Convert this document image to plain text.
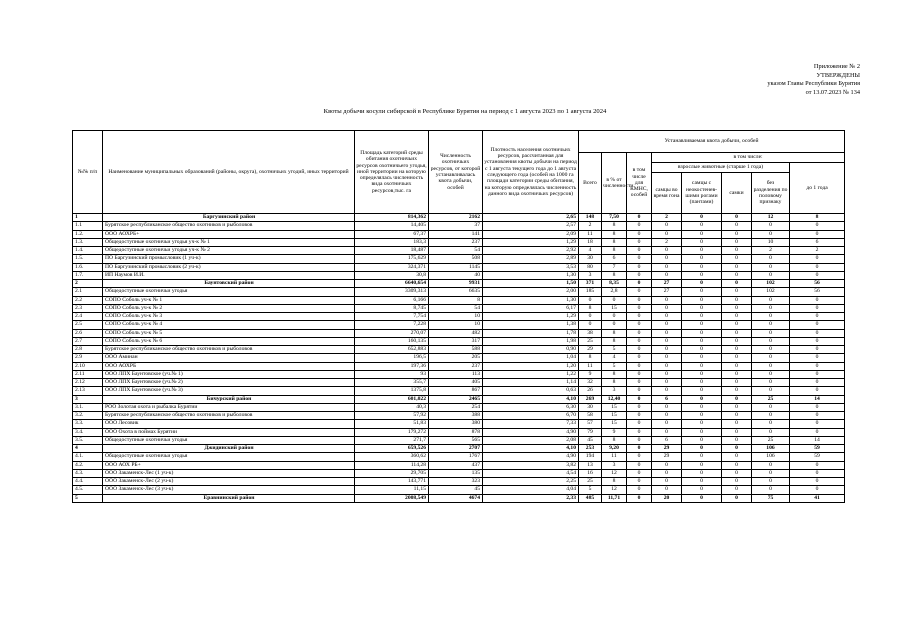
Приложение № 2
УТВЕРЖДЕНЫ
указом Главы Республики Бурятия
от 13.07.2023 № 134
Квоты добычи косули сибирской в Республике Бурятия на период с 1 августа 2023 по 1 августа 2024
№№ п/п	Наименование муниципальных образований (районы, округа), охотничьих угодий, иных территорий	Площадь категорий среды обитания охотничьих ресурсов охотничьего угодья, иной территории на которую определялась численность вида охотничьих ресурсов,тыс. га	Численность охотничьих ресурсов, от которой устанавливалась квота добычи, особей	Плотность населения охотничьих ресурсов, рассчитанная для установления квоты добычи на период с 1 августа текущего года до 1 августа следующего года (особей на 1000 га площади категории среды обитания, на которую определялась численность данного вида охотничьих ресурсов)	Устанавливаемая квота добычи, особей							
					Всего	в % от численности	в том числе для КМНС, особей	в том числе:				
								взрослые животные (старше 1 года)				до 1 года
								самцы во время гона	самцы с неокостенев-шими рогами (пантами)	самки	без разделения по половому признаку	
1	Баргузинский район	814,362	2162	2,65	148	7,50	0	2	0	0	12	8
1.1	Бурятское республиканское общество охотников и рыболовов	14,405	37	2,57	2	8	0	0	0	0	0	0
1.2.	ООО АОХРБ+	67,37	141	2,09	11	8	0	0	0	0	0	0
1.3.	Общедоступные охотничьи угодья уч-к № 1	183,3	237	1,29	18	8	0	2	0	0	10	6
1.4.	Общедоступные охотничьи угодья уч-к № 2	18,487	54	2,92	4	8	0	0	0	0	2	2
1.5.	ПО Баргузинский промысловик (1 уч-к)	175,629	508	2,89	30	6	0	0	0	0	0	0
1.6.	ПО Баргузинский промысловик (2 уч-к)	324,371	1145	3,53	80	7	0	0	0	0	0	0
1.7.	ИП Наумов И.И.	30,8	40	1,30	3	8	0	0	0	0	0	0
2	Баунтовский район	6640,654	9931	1,50	371	8,35	0	27	0	0	102	56
2.1	Общедоступные охотничьи угодья	3309,313	6635	2,00	185	2,8	0	27	0	0	102	56
2.2	СОПО Соболь уч-к № 1	6,166	8	1,30	0	0	0	0	0	0	0	0
2.3	СОПО Соболь уч-к № 2	8,745	54	6,17	8	15	0	0	0	0	0	0
2.4	СОПО Соболь уч-к № 3	7,754	10	1,29	0	0	0	0	0	0	0	0
2.5	СОПО Соболь уч-к № 4	7,228	10	1,38	0	0	0	0	0	0	0	0
2.6	СОПО Соболь уч-к № 5	270,07	482	1,78	38	8	0	0	0	0	0	0
2.7	СОПО Соболь уч-к № 6	160,135	317	1,98	25	8	0	0	0	0	0	0
2.8	Бурятское республиканское общество охотников и рыболовов	652,883	588	0,90	29	5	0	0	0	0	0	0
2.9	ООО Аминан	196,5	205	1,04	8	4	0	0	0	0	0	0
2.10	ООО АОХРБ	197,36	237	1,20	11	5	0	0	0	0	0	0
2.11	ООО ЛПХ Баунтовское (уч.№ 1)	93	113	1,22	9	8	0	0	0	0	0	0
2.12	ООО ЛПХ Баунтовское (уч.№ 2)	355,7	405	1,14	32	8	0	0	0	0	0	0
2.13	ООО ЛПХ Баунтовское (уч.№ 3)	1375,8	867	0,63	26	3	0	0	0	0	0	0
3	Бичурский район	601,022	2465	4,10	269	12,40	0	6	0	0	25	14
3.1.	РОО Золотая охота и рыбалка Бурятии	40,3	254	6,30	30	15	0	0	0	0	0	0
3.2.	Бурятское республиканское общество охотников и рыболовов	57,92	388	6,70	58	15	0	0	0	0	0	0
3.3.	ООО Лесовик	51,83	380	7,33	57	15	0	0	0	0	0	0
3.4.	ООО Охота в поймах Бурятии	179,272	878	4,90	79	9	0	0	0	0	0	0
3.5.	Общедоступные охотничьи угодья	271,7	565	2,08	45	8	0	6	0	0	25	14
4	Джидинский район	659,526	2707	4,10	253	9,20	0	29	0	0	106	59
4.1.	Общедоступные охотничьи угодья	360,62	1767	4,90	194	11	0	29	0	0	106	59
4.2.	ООО АОХ РБ+	114,28	437	3,82	13	3	0	0	0	0	0	0
4.3.	ООО Закаменск-Лес (1 уч-к)	29,705	135	4,54	16	12	0	0	0	0	0	0
4.4.	ООО Закаменск-Лес (2 уч-к)	143,771	323	2,25	25	8	0	0	0	0	0	0
4.5.	ООО Закаменск-Лес (3 уч-к)	11,15	45	4,04	5	12	0	0	0	0	0	0
5	Еравнинский район	2008,549	4674	2,33	485	11,71	0	20	0	0	75	41
